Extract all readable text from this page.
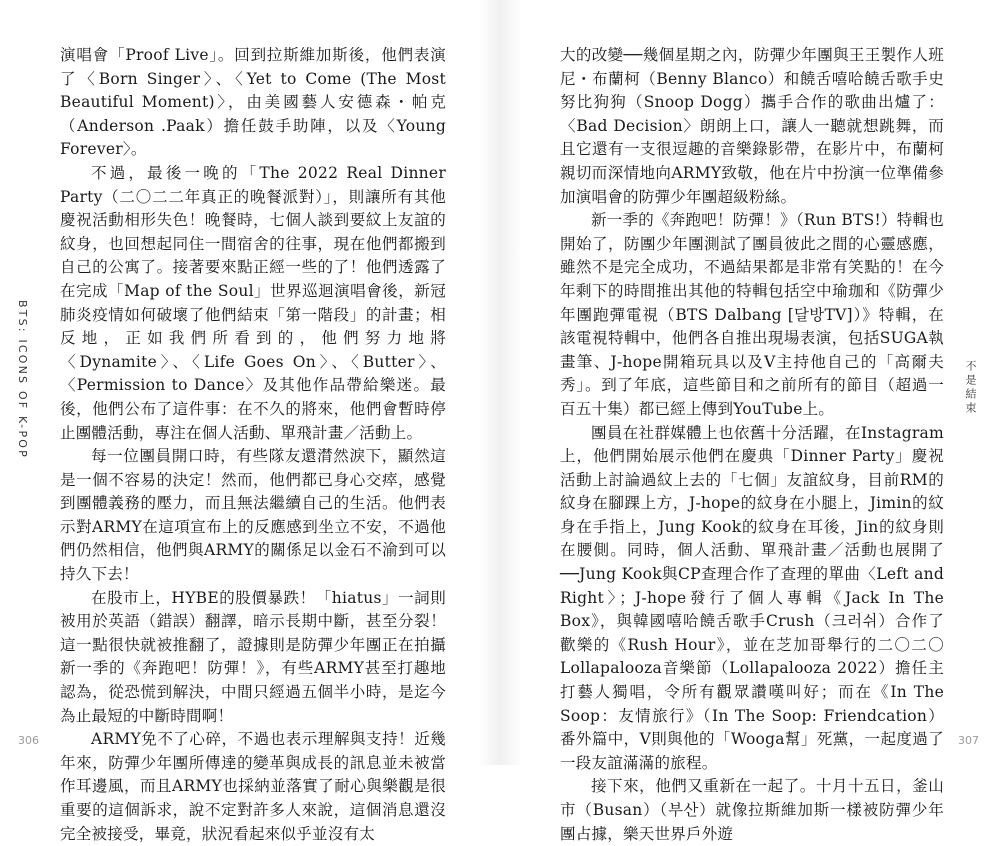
BTS: ICONS OF K-POP

演唱會「Proof Live」。回到拉斯維加斯後，他們表演了〈Born Singer〉、〈Yet to Come (The Most Beautiful Moment)〉，由美國藝人安德森・帕克（Anderson .Paak）擔任鼓手助陣，以及〈Young Forever〉。

不過，最後一晚的「The 2022 Real Dinner Party（二〇二二年真正的晚餐派對）」，則讓所有其他慶祝活動相形失色！晚餐時，七個人談到要紋上友誼的紋身，也回想起同住一間宿舍的往事，現在他們都搬到自己的公寓了。接著要來點正經一些的了！他們透露了在完成「Map of the Soul」世界巡迴演唱會後，新冠肺炎疫情如何破壞了他們結束「第一階段」的計畫；相反地，正如我們所看到的，他們努力地將〈Dynamite〉、〈Life Goes On〉、〈Butter〉、〈Permission to Dance〉及其他作品帶給樂迷。最後，他們公布了這件事：在不久的將來，他們會暫時停止團體活動，專注在個人活動、單飛計畫／活動上。

每一位團員開口時，有些隊友還潸然淚下，顯然這是一個不容易的決定！然而，他們都已身心交瘁，感覺到團體義務的壓力，而且無法繼續自己的生活。他們表示對ARMY在這項宣布上的反應感到坐立不安，不過他們仍然相信，他們與ARMY的關係足以金石不渝到可以持久下去！

在股市上，HYBE的股價暴跌！「hiatus」一詞則被用於英語（錯誤）翻譯，暗示長期中斷，甚至分裂！這一點很快就被推翻了，證據則是防彈少年團正在拍攝新一季的《奔跑吧！防彈！》，有些ARMY甚至打趣地認為，從恐慌到解決，中間只經過五個半小時，是迄今為止最短的中斷時間啊！

ARMY免不了心碎，不過也表示理解與支持！近幾年來，防彈少年團所傳達的變革與成長的訊息並未被當作耳邊風，而且ARMY也採納並落實了耐心與樂觀是很重要的這個訴求，說不定對許多人來說，這個消息還沒完全被接受，畢竟，狀況看起來似乎並沒有太

306

大的改變──幾個星期之內，防彈少年團與王王製作人班尼・布蘭柯（Benny Blanco）和饒舌嘻哈饒舌歌手史努比狗狗（Snoop Dogg）攜手合作的歌曲出爐了：〈Bad Decision〉朗朗上口，讓人一聽就想跳舞，而且它還有一支很逗趣的音樂錄影帶，在影片中，布蘭柯親切而深情地向ARMY致敬，他在片中扮演一位準備參加演唱會的防彈少年團超級粉絲。

新一季的《奔跑吧！防彈！》（Run BTS!）特輯也開始了，防團少年團測試了團員彼此之間的心靈感應，雖然不是完全成功，不過結果都是非常有笑點的！在今年剩下的時間推出其他的特輯包括空中瑜珈和《防彈少年團跑彈電視（BTS Dalbang [달방TV]）》特輯，在該電視特輯中，他們各自推出現場表演，包括SUGA執畫筆、J-hope開箱玩具以及V主持他自己的「高爾夫秀」。到了年底，這些節目和之前所有的節目（超過一百五十集）都已經上傳到YouTube上。

團員在社群媒體上也依舊十分活躍，在Instagram上，他們開始展示他們在慶典「Dinner Party」慶祝活動上討論過紋上去的「七個」友誼紋身，目前RM的紋身在腳踝上方，J-hope的紋身在小腿上，Jimin的紋身在手指上，Jung Kook的紋身在耳後，Jin的紋身則在腰側。同時，個人活動、單飛計畫／活動也展開了──Jung Kook與CP查理合作了查理的單曲〈Left and Right〉；J-hope發行了個人專輯《Jack In The Box》，與韓國嘻哈饒舌歌手Crush（크러쉬）合作了歡樂的《Rush Hour》，並在芝加哥舉行的二〇二〇 Lollapalooza音樂節（Lollapalooza 2022）擔任主打藝人獨唱，令所有觀眾讚嘆叫好；而在《In The Soop：友情旅行》（In The Soop: Friendcation）番外篇中，V則與他的「Wooga幫」死黨，一起度過了一段友誼滿滿的旅程。

接下來，他們又重新在一起了。十月十五日，釜山市（Busan）（부산）就像拉斯維加斯一樣被防彈少年團占據，樂天世界戶外遊

不是結束
307
